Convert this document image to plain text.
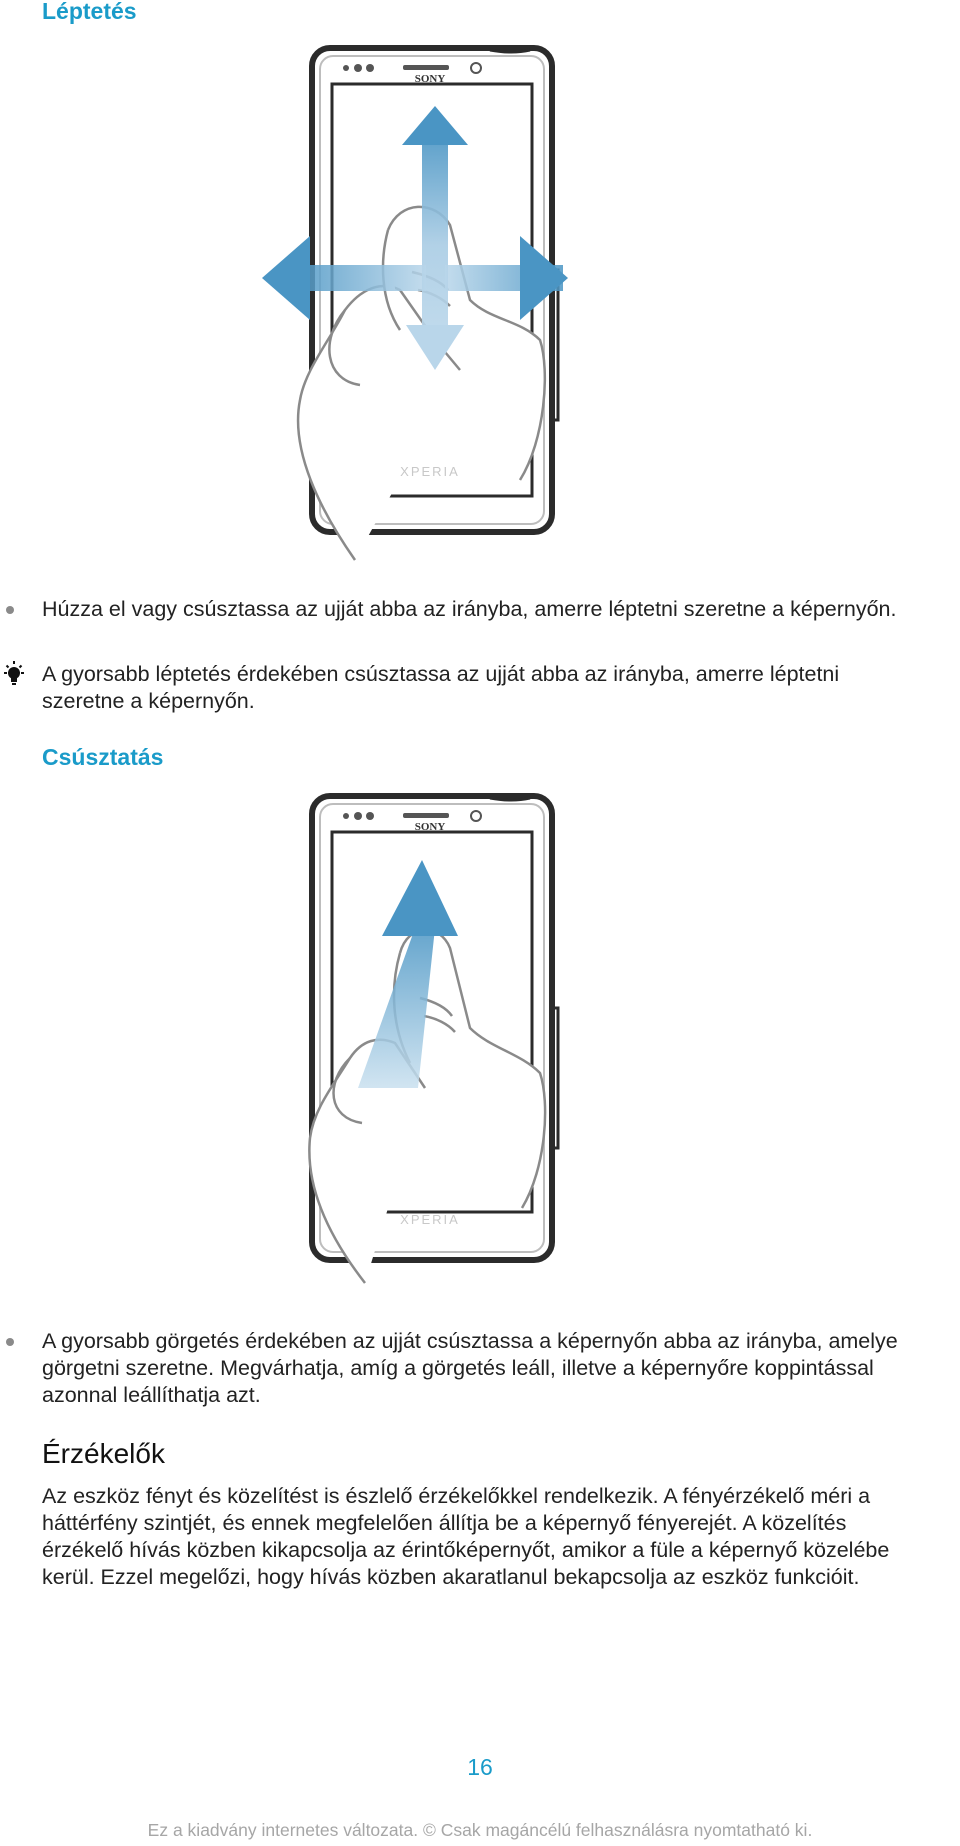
Léptetés
SONY
XPERIA

Húzza el vagy csúsztassa az ujját abba az irányba, amerre léptetni szeretne a képernyőn.

A gyorsabb léptetés érdekében csúsztassa az ujját abba az irányba, amerre léptetni szeretne a képernyőn.

Csúsztatás
SONY
XPERIA

A gyorsabb görgetés érdekében az ujját csúsztassa a képernyőn abba az irányba, amelye görgetni szeretne. Megvárhatja, amíg a görgetés leáll, illetve a képernyőre koppintással azonnal leállíthatja azt.

Érzékelők

Az eszköz fényt és közelítést is észlelő érzékelőkkel rendelkezik. A fényérzékelő méri a háttérfény szintjét, és ennek megfelelően állítja be a képernyő fényerejét. A közelítés érzékelő hívás közben kikapcsolja az érintőképernyőt, amikor a füle a képernyő közelébe kerül. Ezzel megelőzi, hogy hívás közben akaratlanul bekapcsolja az eszköz funkcióit.

16
Ez a kiadvány internetes változata. © Csak magáncélú felhasználásra nyomtatható ki.
